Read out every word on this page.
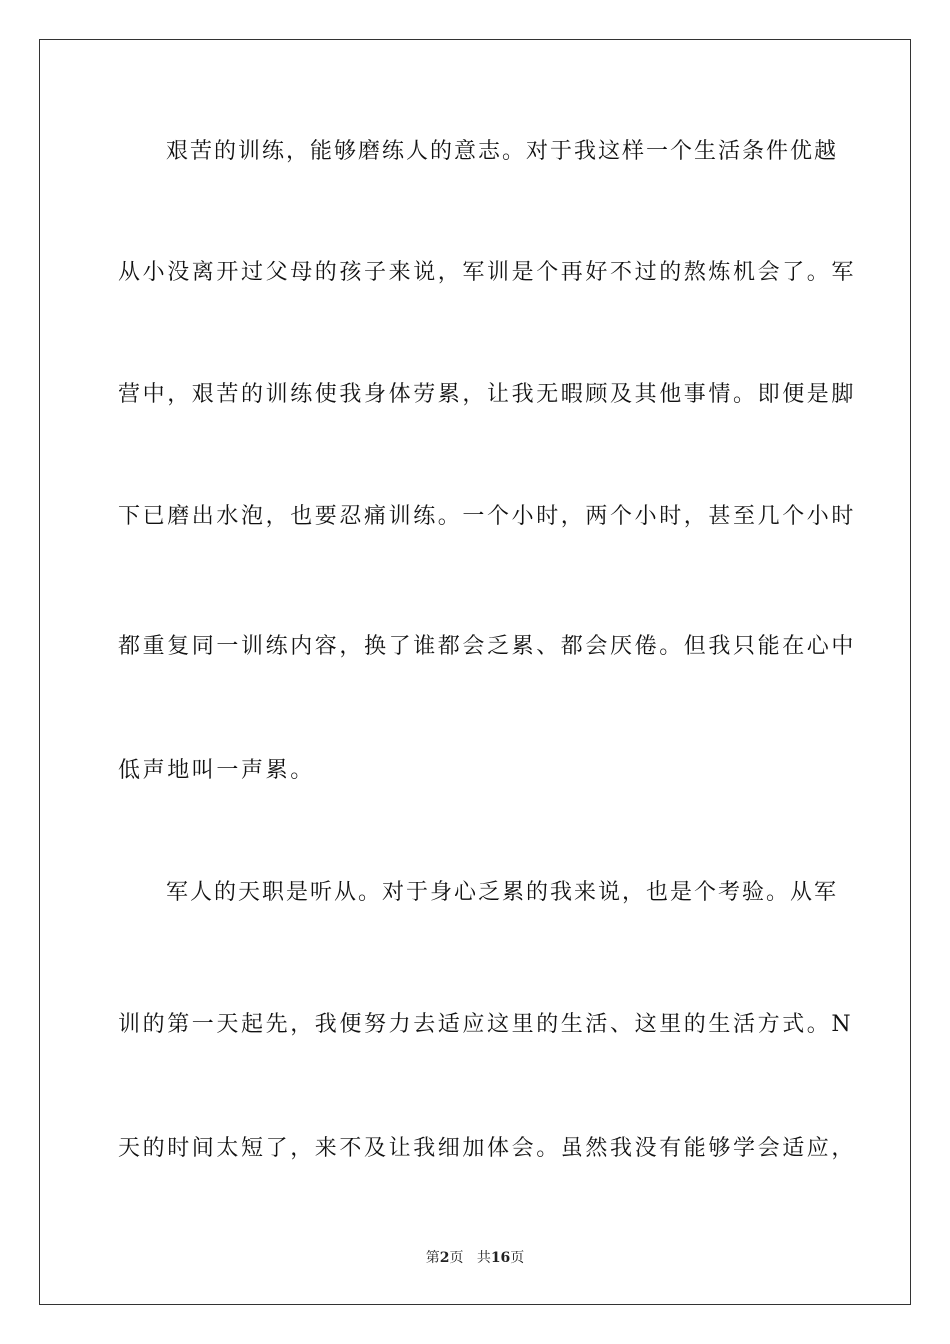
　　艰苦的训练，能够磨练人的意志。对于我这样一个生活条件优越
从小没离开过父母的孩子来说，军训是个再好不过的熬炼机会了。军
营中，艰苦的训练使我身体劳累，让我无暇顾及其他事情。即便是脚
下已磨出水泡，也要忍痛训练。一个小时，两个小时，甚至几个小时
都重复同一训练内容，换了谁都会乏累、都会厌倦。但我只能在心中
低声地叫一声累。
　　军人的天职是听从。对于身心乏累的我来说，也是个考验。从军
训的第一天起先，我便努力去适应这里的生活、这里的生活方式。N
天的时间太短了，来不及让我细加体会。虽然我没有能够学会适应，
第2页 共16页
